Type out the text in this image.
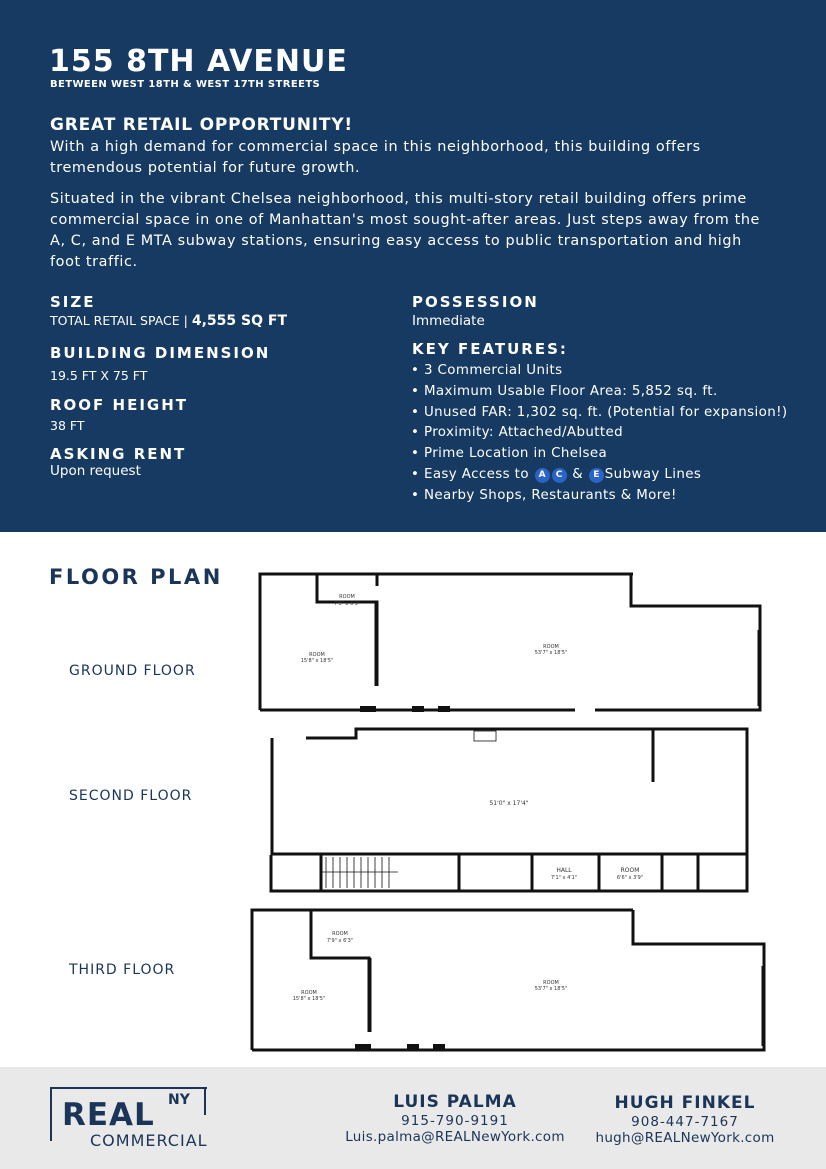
155 8TH AVENUE
BETWEEN WEST 18TH & WEST 17TH STREETS
GREAT RETAIL OPPORTUNITY!

With a high demand for commercial space in this neighborhood, this building offers tremendous potential for future growth.

Situated in the vibrant Chelsea neighborhood, this multi-story retail building offers prime commercial space in one of Manhattan's most sought-after areas. Just steps away from the A, C, and E MTA subway stations, ensuring easy access to public transportation and high foot traffic.

SIZE
TOTAL RETAIL SPACE | 4,555 SQ FT
BUILDING DIMENSION
19.5 FT X 75 FT
ROOF HEIGHT
38 FT
ASKING RENT
Upon request
POSSESSION
Immediate
KEY FEATURES:
• 3 Commercial Units
• Maximum Usable Floor Area: 5,852 sq. ft.
• Unused FAR: 1,302 sq. ft. (Potential for expansion!)
• Proximity: Attached/Abutted
• Prime Location in Chelsea
• Easy Access to A C & E Subway Lines
• Nearby Shops, Restaurants & More!
FLOOR PLAN
GROUND FLOOR
SECOND FLOOR
THIRD FLOOR
ROOM
7'5" x 6'3"
ROOM
15'8" x 18'5"
ROOM
53'7" x 18'5"
51'0" x 17'4"
HALL
7'1" x 4'1"
ROOM
6'6" x 3'9"
ROOM
7'9" x 6'3"
ROOM
15'8" x 18'5"
ROOM
53'7" x 18'5"
REAL NY
COMMERCIAL
LUIS PALMA
915-790-9191
Luis.palma@REALNewYork.com
HUGH FINKEL
908-447-7167
hugh@REALNewYork.com
